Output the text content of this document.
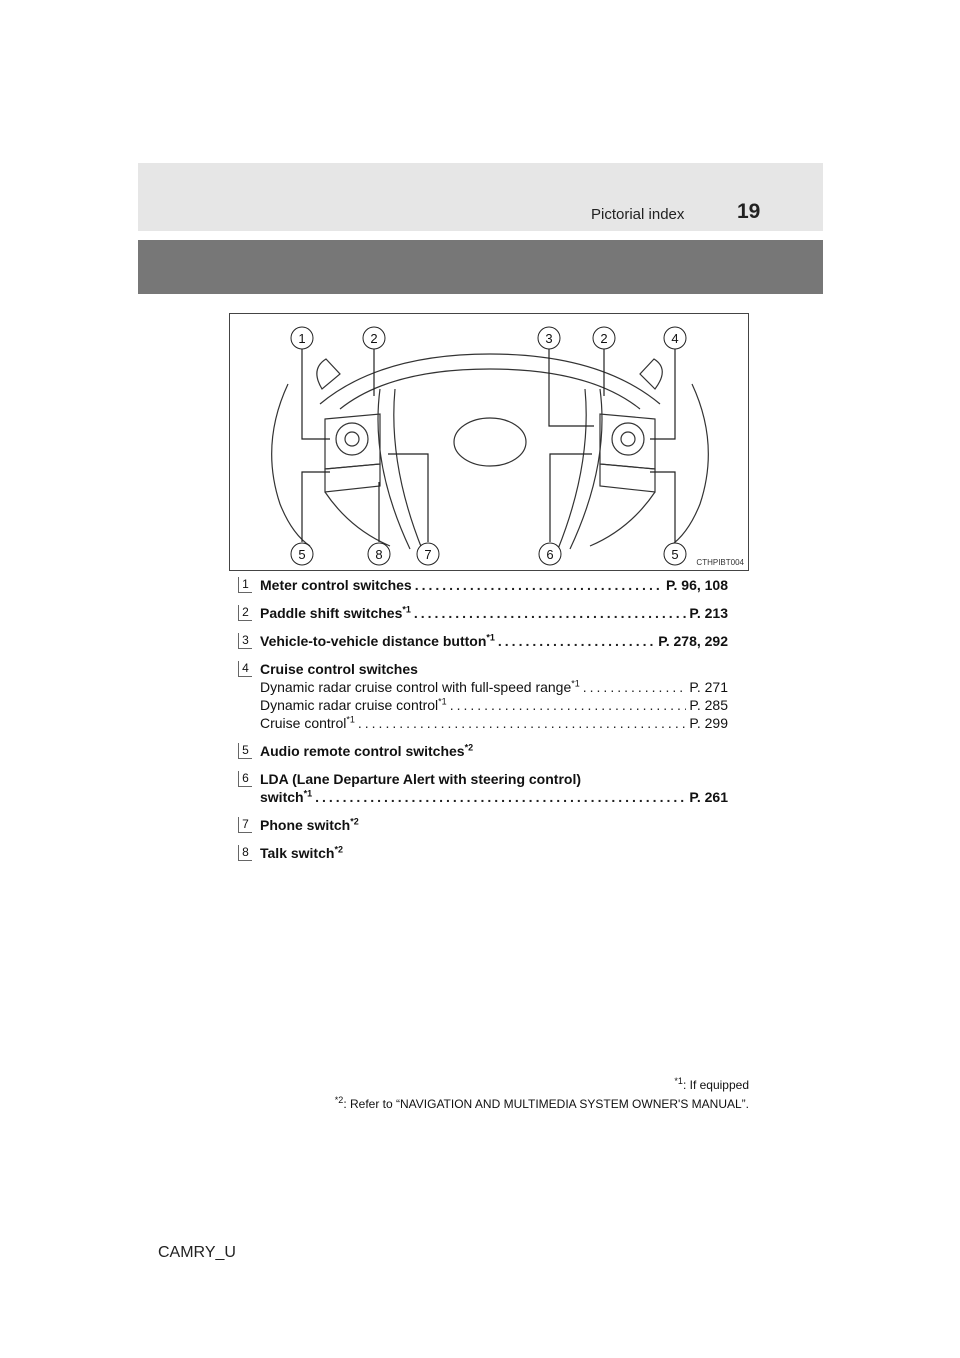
Pictorial index	19
1	2	3	2	4
5	8	7	6	5
CTHPIBT004
1 Meter control switches .....	P. 96, 108
2 Paddle shift switches$^{*1}$ .....	P. 213
3 Vehicle-to-vehicle distance button$^{*1}$ .....	P. 278, 292
4 Cruise control switches
Dynamic radar cruise control with full-speed range$^{*1}$ .....	P. 271
Dynamic radar cruise control$^{*1}$ .....	P. 285
Cruise control$^{*1}$ .....	P. 299
5 Audio remote control switches$^{*2}$
6 LDA (Lane Departure Alert with steering control)
switch$^{*1}$ .....	P. 261
7 Phone switch$^{*2}$
8 Talk switch$^{*2}$
$^{*1}$: If equipped
$^{*2}$: Refer to “NAVIGATION AND MULTIMEDIA SYSTEM OWNER'S MANUAL”.
CAMRY_U
